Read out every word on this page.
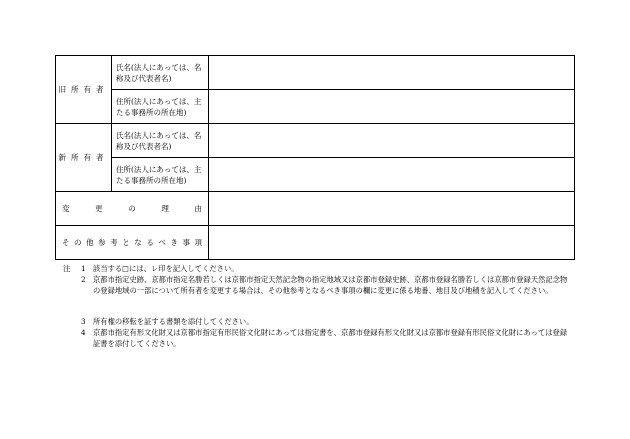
旧所有者	氏名(法人にあっては、名称及び代表者名)	
	住所(法人にあっては、主たる事務所の所在地)	
新所有者	氏名(法人にあっては、名称及び代表者名)	
	住所(法人にあっては、主たる事務所の所在地)	
変更の理由		
その他参考となるべき事項		
注 1 該当する□には、レ印を記入してください。
2 京都市指定史跡、京都市指定名勝若しくは京都市指定天然記念物の指定地域又は京都市登録史跡、京都市登録名勝若しくは京都市登録天然記念物の登録地域の一部について所有者を変更する場合は、その他参考となるべき事項の欄に変更に係る地番、地目及び地積を記入してください。
3 所有権の移転を証する書類を添付してください。
4 京都市指定有形文化財又は京都市指定有形民俗文化財にあっては指定書を、京都市登録有形文化財又は京都市登録有形民俗文化財にあっては登録証書を添付してください。
